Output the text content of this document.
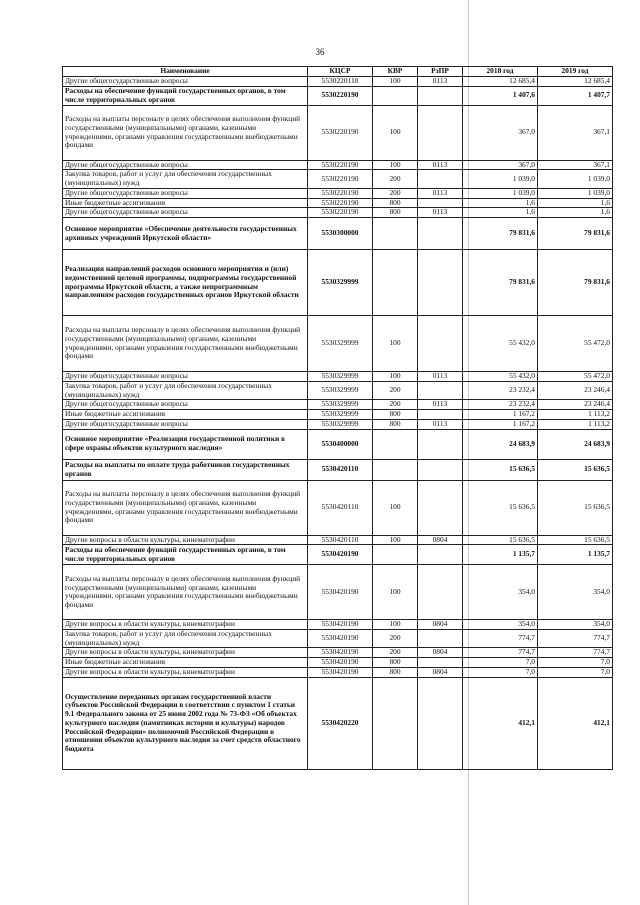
36
Наименование	КЦСР	КВР	РзПР	2018 год	2019 год
Другие общегосударственные вопросы	5530220110	100	0113	12 685,4	12 685,4
Расходы на обеспечение функций государственных органов, в том числе территориальных органов	5530220190			1 407,6	1 407,7
Расходы на выплаты персоналу в целях обеспечения выполнения функций государственными (муниципальными) органами, казенными учреждениями, органами управления государственными внебюджетными фондами	5530220190	100		367,0	367,1
Другие общегосударственные вопросы	5530220190	100	0113	367,0	367,1
Закупка товаров, работ и услуг для обеспечения государственных (муниципальных) нужд	5530220190	200		1 039,0	1 039,0
Другие общегосударственные вопросы	5530220190	200	0113	1 039,0	1 039,0
Иные бюджетные ассигнования	5530220190	800		1,6	1,6
Другие общегосударственные вопросы	5530220190	800	0113	1,6	1,6
Основное мероприятие «Обеспечение деятельности государственных архивных учреждений Иркутской области»	5530300000			79 831,6	79 831,6
Реализация направлений расходов основного мероприятия и (или) ведомственной целевой программы, подпрограммы государственной программы Иркутской области, а также непрограммным направлениям расходов государственных органов Иркутской области	5530329999			79 831,6	79 831,6
Расходы на выплаты персоналу в целях обеспечения выполнения функций государственными (муниципальными) органами, казенными учреждениями, органами управления государственными внебюджетными фондами	5530329999	100		55 432,0	55 472,0
Другие общегосударственные вопросы	5530329999	100	0113	55 432,0	55 472,0
Закупка товаров, работ и услуг для обеспечения государственных (муниципальных) нужд	5530329999	200		23 232,4	23 246,4
Другие общегосударственные вопросы	5530329999	200	0113	23 232,4	23 246,4
Иные бюджетные ассигнования	5530329999	800		1 167,2	1 113,2
Другие общегосударственные вопросы	5530329999	800	0113	1 167,2	1 113,2
Основное мероприятие «Реализация государственной политики в сфере охраны объектов культурного наследия»	5530400000			24 683,9	24 683,9
Расходы на выплаты по оплате труда работников государственных органов	5530420110			15 636,5	15 636,5
Расходы на выплаты персоналу в целях обеспечения выполнения функций государственными (муниципальными) органами, казенными учреждениями, органами управления государственными внебюджетными фондами	5530420110	100		15 636,5	15 636,5
Другие вопросы в области культуры, кинематографии	5530420110	100	0804	15 636,5	15 636,5
Расходы на обеспечение функций государственных органов, в том числе территориальных органов	5530420190			1 135,7	1 135,7
Расходы на выплаты персоналу в целях обеспечения выполнения функций государственными (муниципальными) органами, казенными учреждениями, органами управления государственными внебюджетными фондами	5530420190	100		354,0	354,0
Другие вопросы в области культуры, кинематографии	5530420190	100	0804	354,0	354,0
Закупка товаров, работ и услуг для обеспечения государственных (муниципальных) нужд	5530420190	200		774,7	774,7
Другие вопросы в области культуры, кинематографии	5530420190	200	0804	774,7	774,7
Иные бюджетные ассигнования	5530420190	800		7,0	7,0
Другие вопросы в области культуры, кинематографии	5530420190	800	0804	7,0	7,0
Осуществление переданных органам государственной власти субъектов Российской Федерации в соответствии с пунктом 1 статьи 9.1 Федерального закона от 25 июня 2002 года № 73-ФЗ «Об объектах культурного наследия (памятниках истории и культуры) народов Российской Федерации» полномочий Российской Федерации в отношении объектов культурного наследия за счет средств областного бюджета	5530420220			412,1	412,1
